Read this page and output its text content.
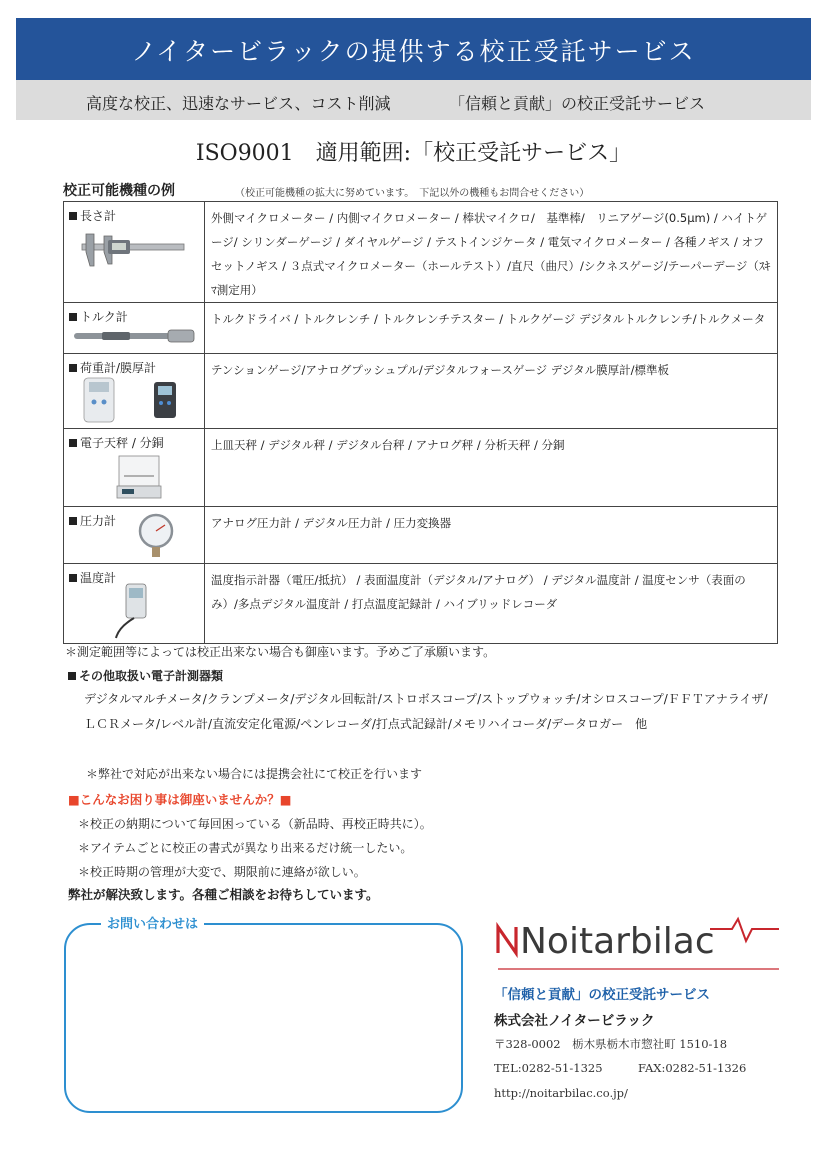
ノイタービラックの提供する校正受託サービス
高度な校正、迅速なサービス、コスト削減	「信頼と貢献」の校正受託サービス
ISO9001　適用範囲:「校正受託サービス」
校正可能機種の例	（校正可能機種の拡大に努めています。　下記以外の機種もお問合せください）
長さ計	外側マイクロメーター / 内側マイクロメーター / 棒状マイクロ/　基準棒/　リニアゲージ(0.5μm) / ハイトゲージ/ シリンダーゲージ / ダイヤルゲージ / テストインジケータ / 電気マイクロメーター / 各種ノギス / オフセットノギス / ３点式マイクロメーター（ホールテスト）/直尺（曲尺）/シクネスゲージ/テーパーデージ（ｽｷﾏ測定用）

トルク計	トルクドライバ / トルクレンチ / トルクレンチテスター / トルクゲージ デジタルトルクレンチ/トルクメータ

荷重計/膜厚計	テンションゲージ/アナログプッシュプル/デジタルフォースゲージ デジタル膜厚計/標準板

電子天秤 / 分銅	上皿天秤 / デジタル秤 / デジタル台秤 / アナログ秤 / 分析天秤 / 分銅

圧力計	アナログ圧力計 / デジタル圧力計 / 圧力変換器

温度計	温度指示計器（電圧/抵抗） / 表面温度計（デジタル/アナログ） / デジタル温度計 / 温度センサ（表面のみ）/多点デジタル温度計 / 打点温度記録計 / ハイブリッドレコーダ
＊測定範囲等によっては校正出来ない場合も御座います。予めご了承願います。
その他取扱い電子計測器類
デジタルマルチメータ/クランプメータ/デジタル回転計/ストロボスコープ/ストップウォッチ/オシロスコープ/ＦＦＴアナライザ/ＬＣＲメータ/レベル計/直流安定化電源/ペンレコーダ/打点式記録計/メモリハイコーダ/データロガー　他
＊弊社で対応が出来ない場合には提携会社にて校正を行います
■こんなお困り事は御座いませんか？■
＊校正の納期について毎回困っている（新品時、再校正時共に）。
＊アイテムごとに校正の書式が異なり出来るだけ統一したい。
＊校正時期の管理が大変で、期限前に連絡が欲しい。
弊社が解決致します。各種ご相談をお待ちしています。
お問い合わせは	Noitarbilac
「信頼と貢献」の校正受託サービス
株式会社ノイタービラック
〒328-0002　栃木県栃木市惣社町 1510-18
TEL:0282-51-1325	FAX:0282-51-1326
http://noitarbilac.co.jp/
